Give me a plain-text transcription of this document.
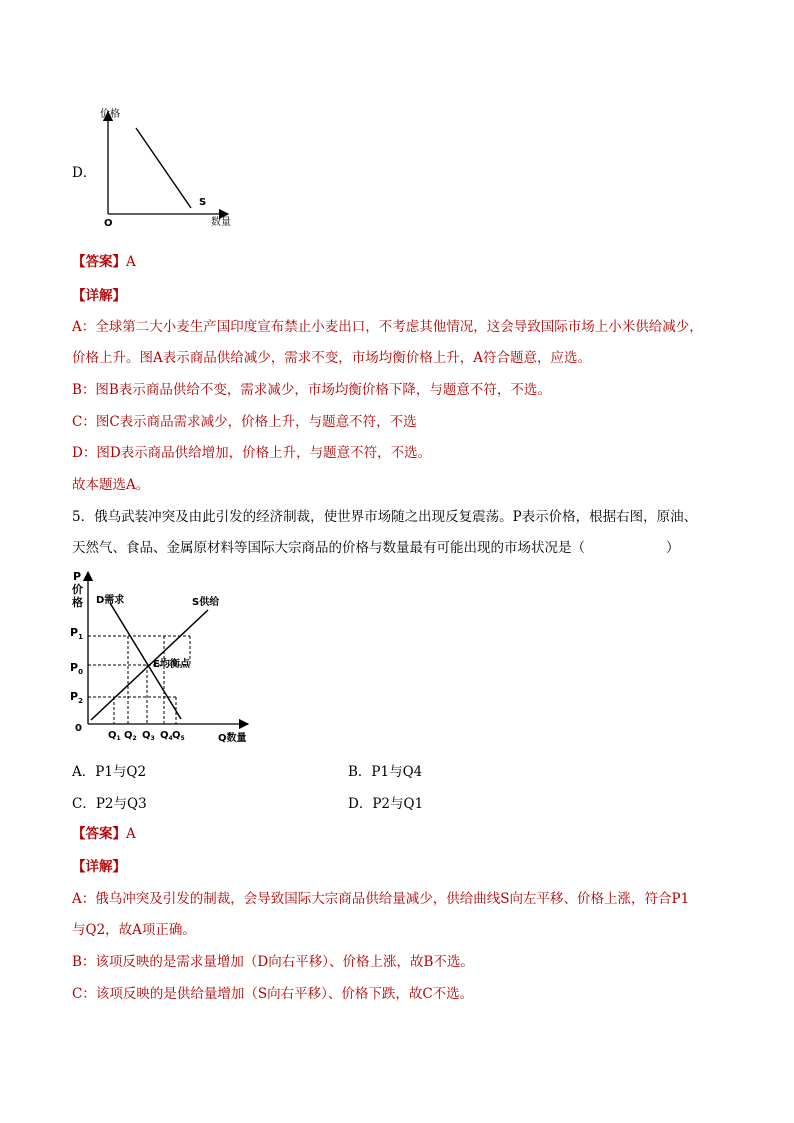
D．
价格
数量
O
S
【答案】A
【详解】
A：全球第二大小麦生产国印度宣布禁止小麦出口，不考虑其他情况，这会导致国际市场上小米供给减少，
价格上升。图A表示商品供给减少，需求不变，市场均衡价格上升，A符合题意，应选。
B：图B表示商品供给不变，需求减少，市场均衡价格下降，与题意不符，不选。
C：图C表示商品需求减少，价格上升，与题意不符，不选
D：图D表示商品供给增加，价格上升，与题意不符，不选。
故本题选A。
5．俄乌武装冲突及由此引发的经济制裁，使世界市场随之出现反复震荡。P表示价格，根据右图，原油、
天然气、食品、金属原材料等国际大宗商品的价格与数量最有可能出现的市场状况是（　　　　　　）
P
价
格 D需求	S供给
E均衡点
0
$P_1$
$P_0$
$P_2$
$Q_1$ $Q_2$ $Q_3$ $Q_4$ $Q_5$	Q数量
A．P1与Q2	B．P1与Q4
C．P2与Q3	D．P2与Q1
【答案】A
【详解】
A：俄乌冲突及引发的制裁，会导致国际大宗商品供给量减少，供给曲线S向左平移、价格上涨，符合P1
与Q2，故A项正确。
B：该项反映的是需求量增加（D向右平移）、价格上涨，故B不选。
C：该项反映的是供给量增加（S向右平移）、价格下跌，故C不选。
